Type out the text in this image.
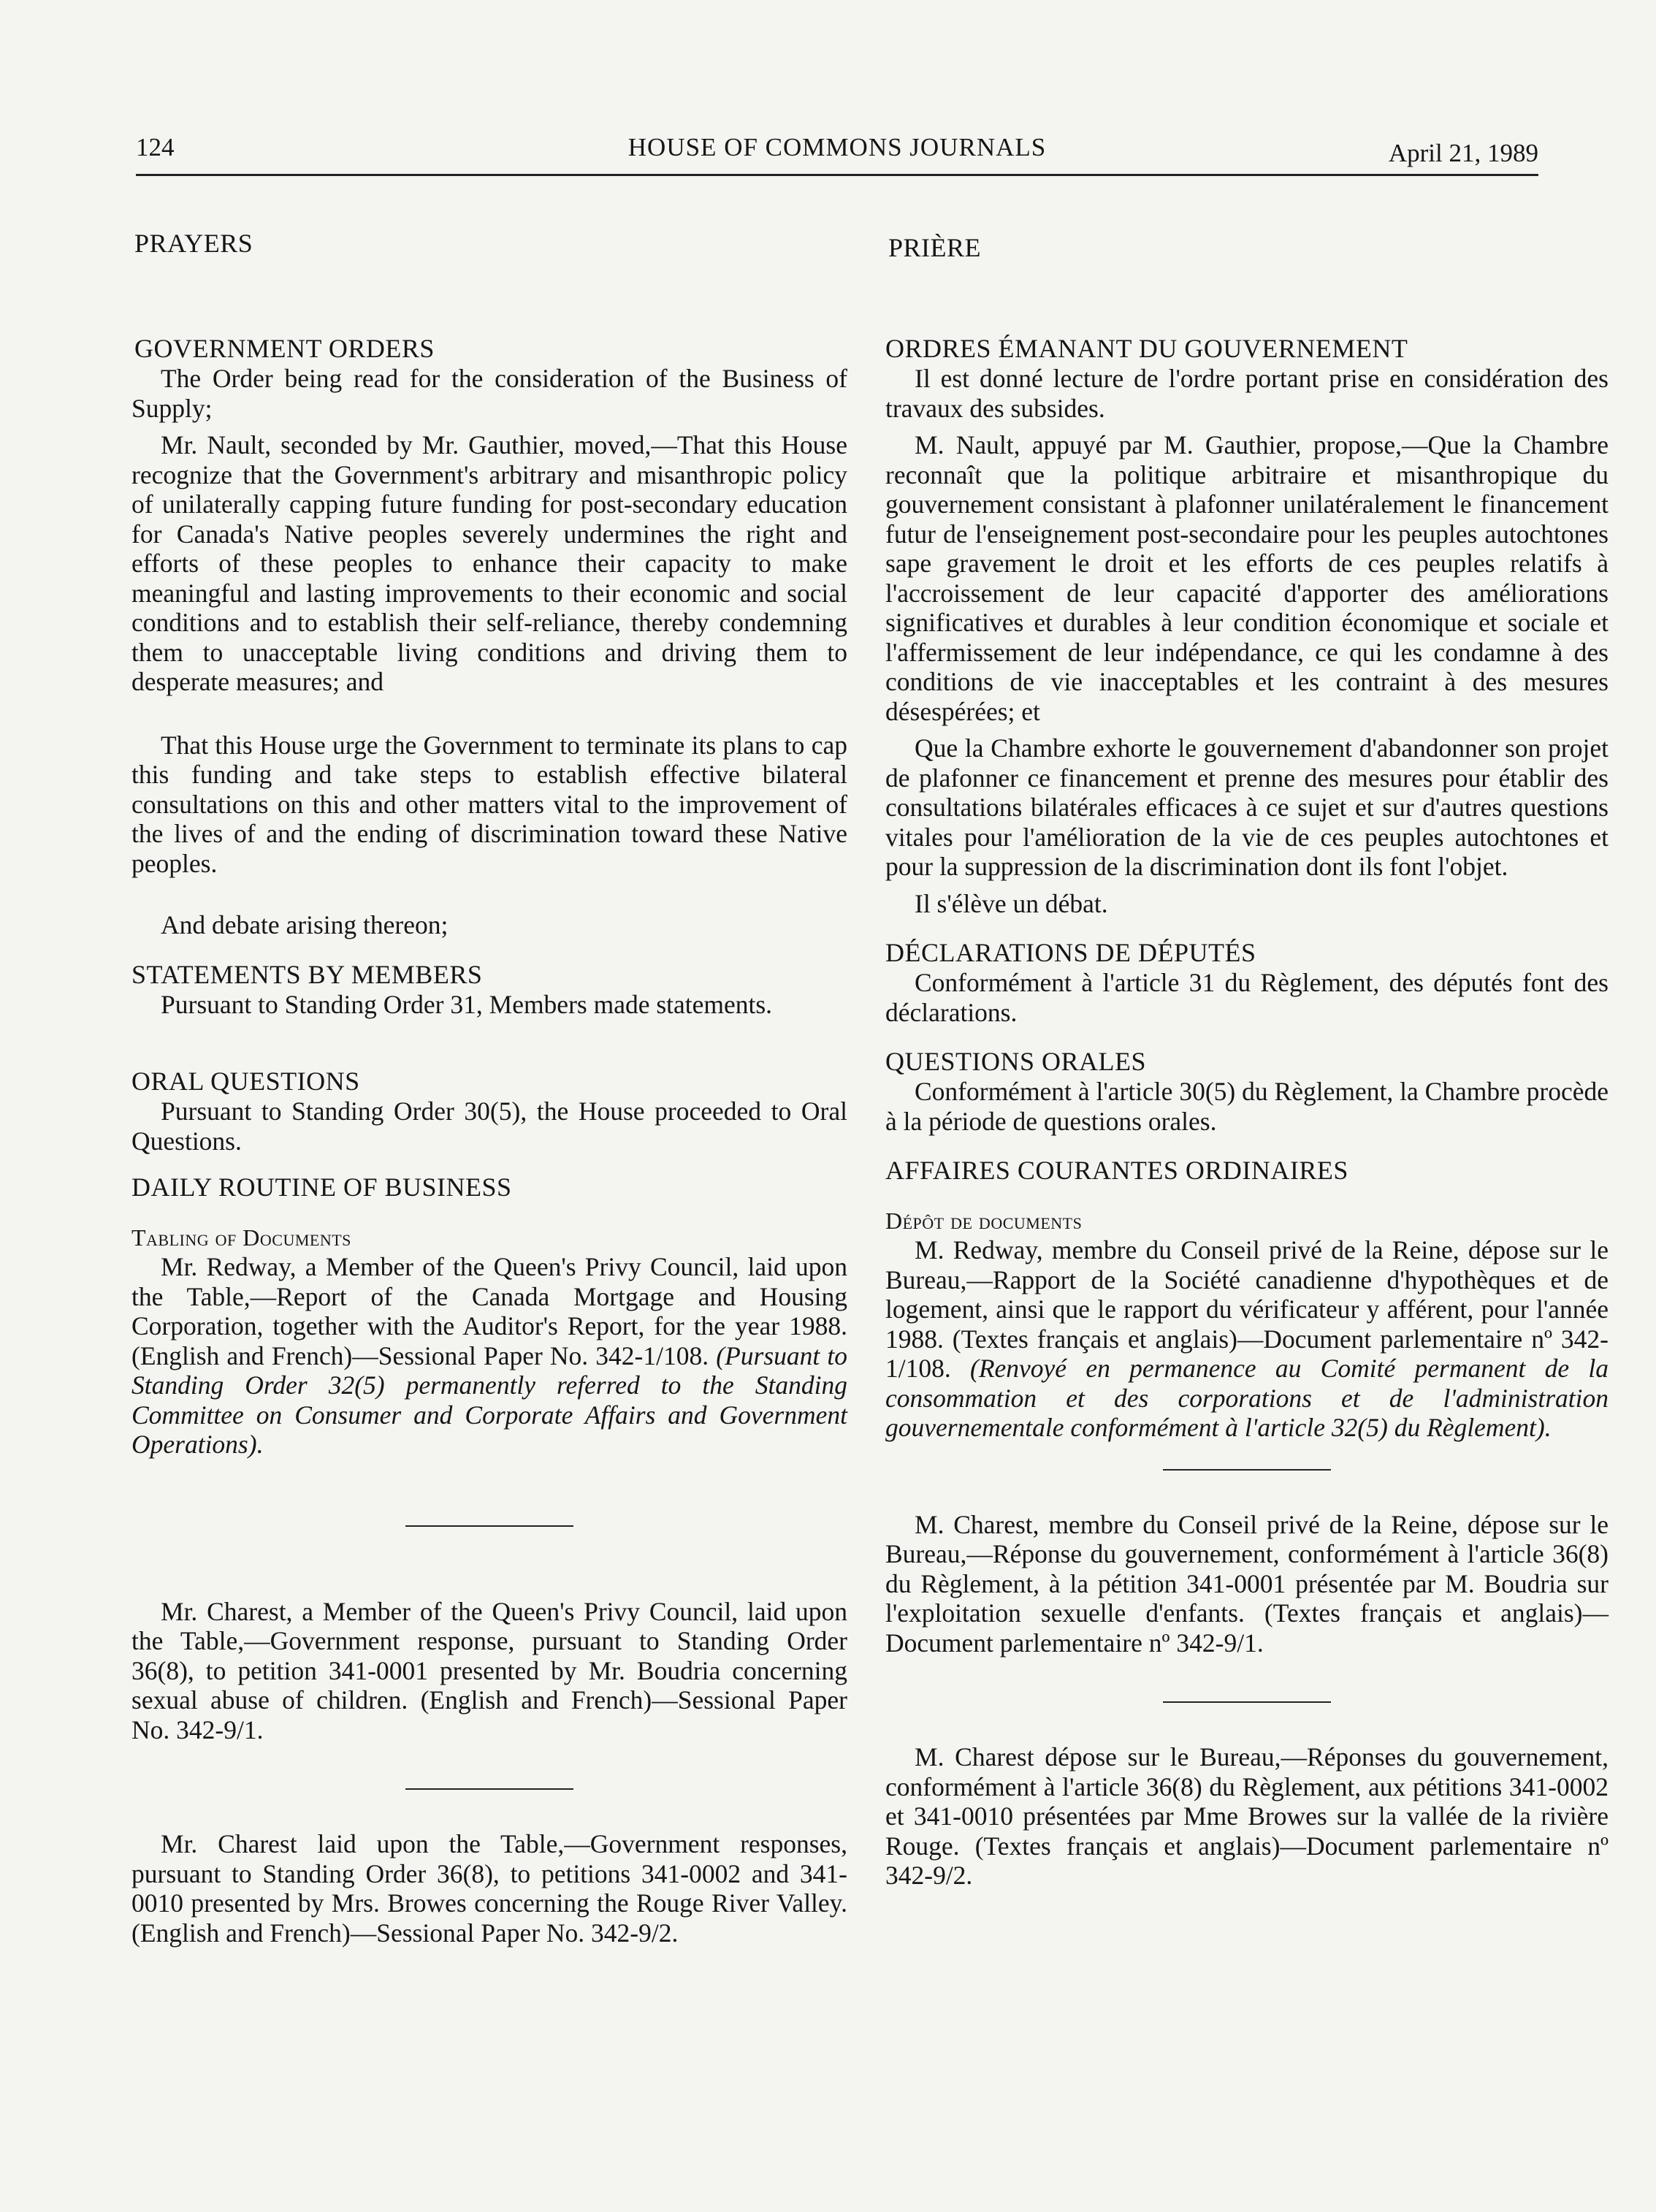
124	HOUSE OF COMMONS JOURNALS	April 21, 1989
PRAYERS
GOVERNMENT ORDERS

The Order being read for the consideration of the Business of Supply;

Mr. Nault, seconded by Mr. Gauthier, moved,—That this House recognize that the Government's arbitrary and misanthropic policy of unilaterally capping future funding for post-secondary education for Canada's Native peoples severely undermines the right and efforts of these peoples to enhance their capacity to make meaningful and lasting improvements to their economic and social conditions and to establish their self-reliance, thereby condemning them to unacceptable living conditions and driving them to desperate measures; and

That this House urge the Government to terminate its plans to cap this funding and take steps to establish effective bilateral consultations on this and other matters vital to the improvement of the lives of and the ending of discrimination toward these Native peoples.

And debate arising thereon;

STATEMENTS BY MEMBERS

Pursuant to Standing Order 31, Members made statements.

ORAL QUESTIONS

Pursuant to Standing Order 30(5), the House proceeded to Oral Questions.

DAILY ROUTINE OF BUSINESS
Tabling of Documents

Mr. Redway, a Member of the Queen's Privy Council, laid upon the Table,—Report of the Canada Mortgage and Housing Corporation, together with the Auditor's Report, for the year 1988. (English and French)—Sessional Paper No. 342-1/108. (Pursuant to Standing Order 32(5) permanently referred to the Standing Committee on Consumer and Corporate Affairs and Government Operations).

Mr. Charest, a Member of the Queen's Privy Council, laid upon the Table,—Government response, pursuant to Standing Order 36(8), to petition 341-0001 presented by Mr. Boudria concerning sexual abuse of children. (English and French)—Sessional Paper No. 342-9/1.

Mr. Charest laid upon the Table,—Government responses, pursuant to Standing Order 36(8), to petitions 341-0002 and 341-0010 presented by Mrs. Browes concerning the Rouge River Valley. (English and French)—Sessional Paper No. 342-9/2.

PRIÈRE
ORDRES ÉMANANT DU GOUVERNEMENT

Il est donné lecture de l'ordre portant prise en considération des travaux des subsides.

M. Nault, appuyé par M. Gauthier, propose,—Que la Chambre reconnaît que la politique arbitraire et misanthropique du gouvernement consistant à plafonner unilatéralement le financement futur de l'enseignement post-secondaire pour les peuples autochtones sape gravement le droit et les efforts de ces peuples relatifs à l'accroissement de leur capacité d'apporter des améliorations significatives et durables à leur condition économique et sociale et l'affermissement de leur indépendance, ce qui les condamne à des conditions de vie inacceptables et les contraint à des mesures désespérées; et

Que la Chambre exhorte le gouvernement d'abandonner son projet de plafonner ce financement et prenne des mesures pour établir des consultations bilatérales efficaces à ce sujet et sur d'autres questions vitales pour l'amélioration de la vie de ces peuples autochtones et pour la suppression de la discrimination dont ils font l'objet.

Il s'élève un débat.

DÉCLARATIONS DE DÉPUTÉS

Conformément à l'article 31 du Règlement, des députés font des déclarations.

QUESTIONS ORALES

Conformément à l'article 30(5) du Règlement, la Chambre procède à la période de questions orales.

AFFAIRES COURANTES ORDINAIRES
Dépôt de documents

M. Redway, membre du Conseil privé de la Reine, dépose sur le Bureau,—Rapport de la Société canadienne d'hypothèques et de logement, ainsi que le rapport du vérificateur y afférent, pour l'année 1988. (Textes français et anglais)—Document parlementaire nº 342-1/108. (Renvoyé en permanence au Comité permanent de la consommation et des corporations et de l'administration gouvernementale conformément à l'article 32(5) du Règlement).

M. Charest, membre du Conseil privé de la Reine, dépose sur le Bureau,—Réponse du gouvernement, conformément à l'article 36(8) du Règlement, à la pétition 341-0001 présentée par M. Boudria sur l'exploitation sexuelle d'enfants. (Textes français et anglais)—Document parlementaire nº 342-9/1.

M. Charest dépose sur le Bureau,—Réponses du gouvernement, conformément à l'article 36(8) du Règlement, aux pétitions 341-0002 et 341-0010 présentées par Mme Browes sur la vallée de la rivière Rouge. (Textes français et anglais)—Document parlementaire nº 342-9/2.
